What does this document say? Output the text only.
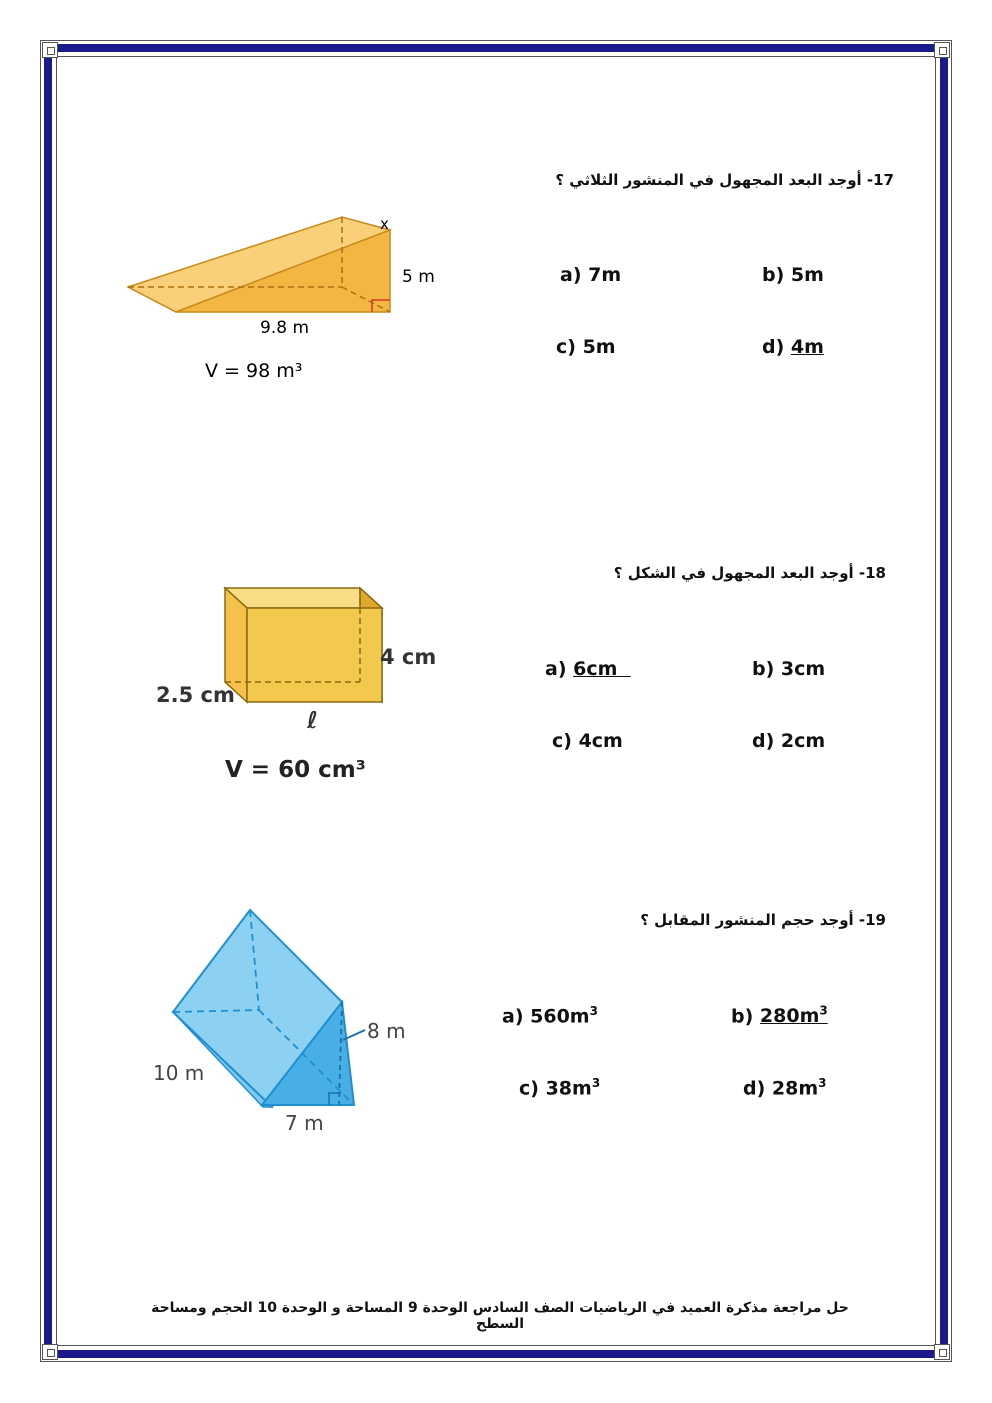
17- أوجد البعد المجهول في المنشور الثلاثي ؟
x
5 m
9.8 m
V = 98 m³
a) 7m	b) 5m
c) 5m	d) 4m
18- أوجد البعد المجهول في الشكل ؟
4 cm
2.5 cm
ℓ
V = 60 cm³
a) 6cm	b) 3cm
c) 4cm	d) 2cm
19- أوجد حجم المنشور المقابل ؟
10 m
8 m
7 m
a) $560m^3$	b) $280m^3$
c) $38m^3$	d) $28m^3$
حل مراجعة مذكرة العميد في الرياضيات الصف السادس الوحدة 9 المساحة و الوحدة 10 الحجم ومساحة السطح
